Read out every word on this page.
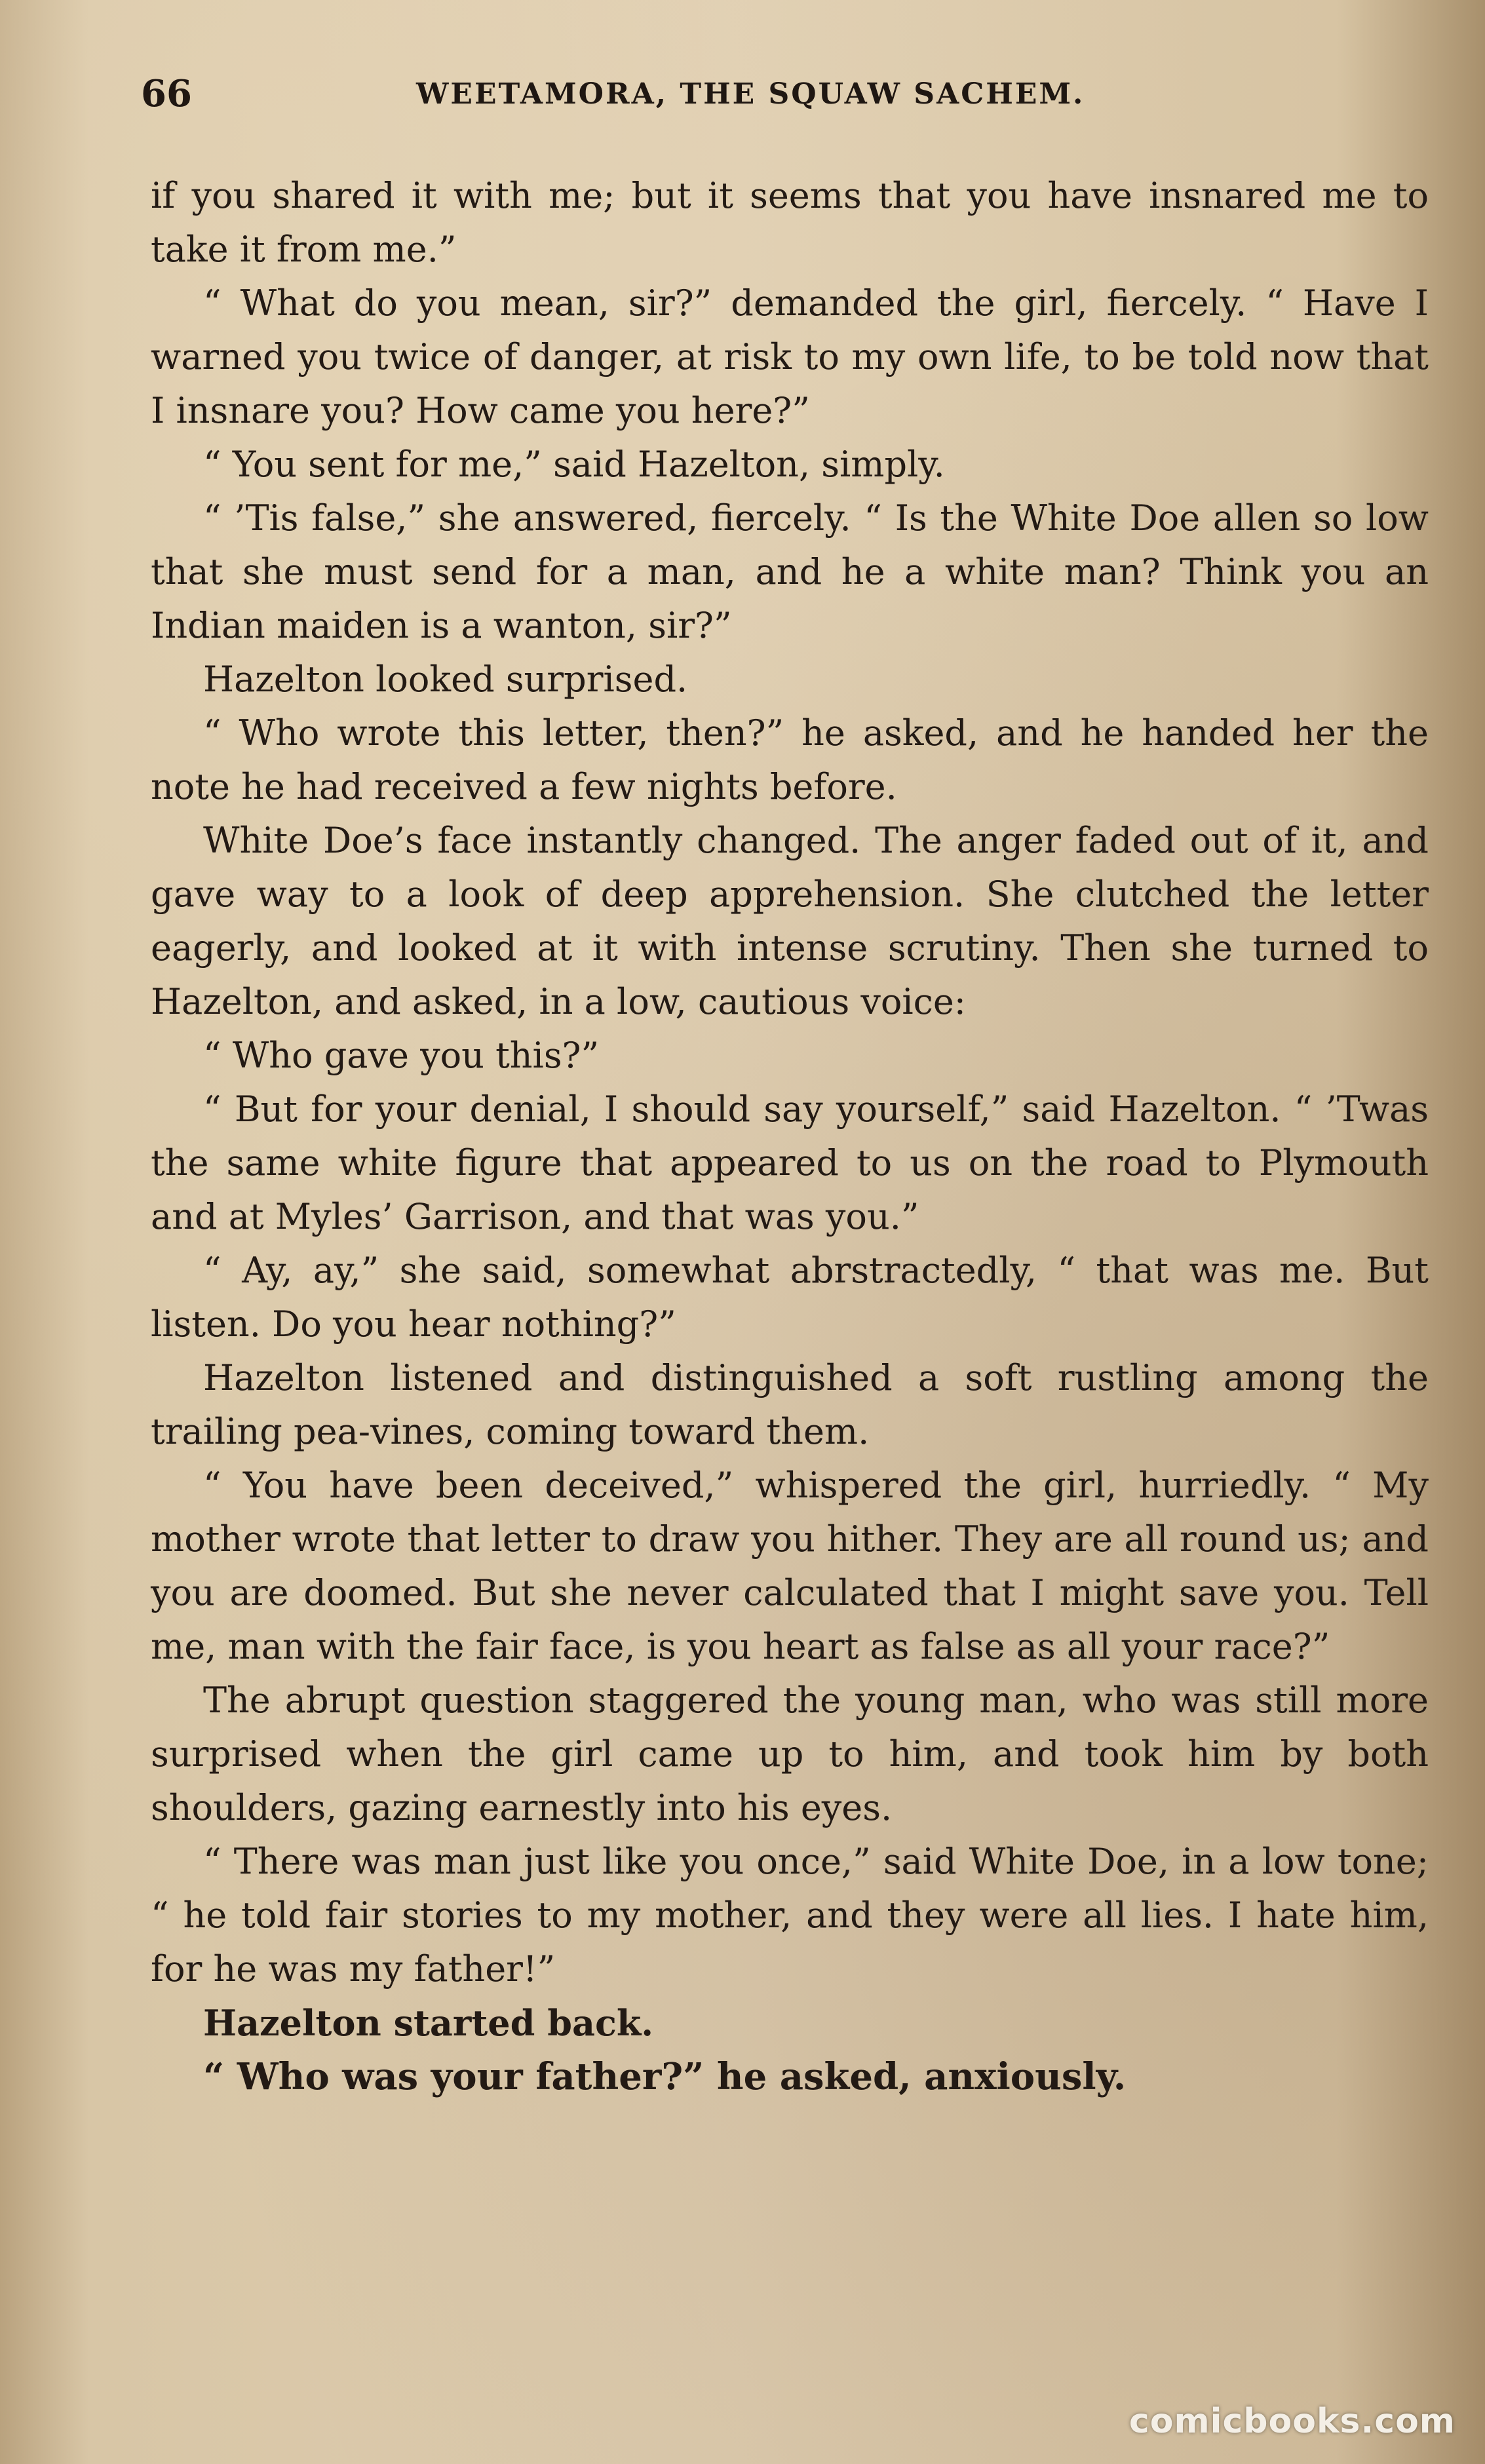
66	WEETAMORA, THE SQUAW SACHEM.

if you shared it with me; but it seems that you have insnared me to take it from me.”

“ What do you mean, sir?” demanded the girl, fiercely. “ Have I warned you twice of danger, at risk to my own life, to be told now that I insnare you? How came you here?”

“ You sent for me,” said Hazelton, simply.

“ ’Tis false,” she answered, fiercely. “ Is the White Doe allen so low that she must send for a man, and he a white man? Think you an Indian maiden is a wanton, sir?”

Hazelton looked surprised.

“ Who wrote this letter, then?” he asked, and he handed her the note he had received a few nights before.

White Doe’s face instantly changed. The anger faded out of it, and gave way to a look of deep apprehension. She clutched the letter eagerly, and looked at it with intense scrutiny. Then she turned to Hazelton, and asked, in a low, cautious voice:

“ Who gave you this?”

“ But for your denial, I should say yourself,” said Hazelton. “ ’Twas the same white figure that appeared to us on the road to Plymouth and at Myles’ Garrison, and that was you.”

“ Ay, ay,” she said, somewhat abrstractedly, “ that was me. But listen. Do you hear nothing?”

Hazelton listened and distinguished a soft rustling among the trailing pea-vines, coming toward them.

“ You have been deceived,” whispered the girl, hurriedly. “ My mother wrote that letter to draw you hither. They are all round us; and you are doomed. But she never calculated that I might save you. Tell me, man with the fair face, is you heart as false as all your race?”

The abrupt question staggered the young man, who was still more surprised when the girl came up to him, and took him by both shoulders, gazing earnestly into his eyes.

“ There was man just like you once,” said White Doe, in a low tone; “ he told fair stories to my mother, and they were all lies. I hate him, for he was my father!”

Hazelton started back.

“ Who was your father?” he asked, anxiously.

comicbooks.com
